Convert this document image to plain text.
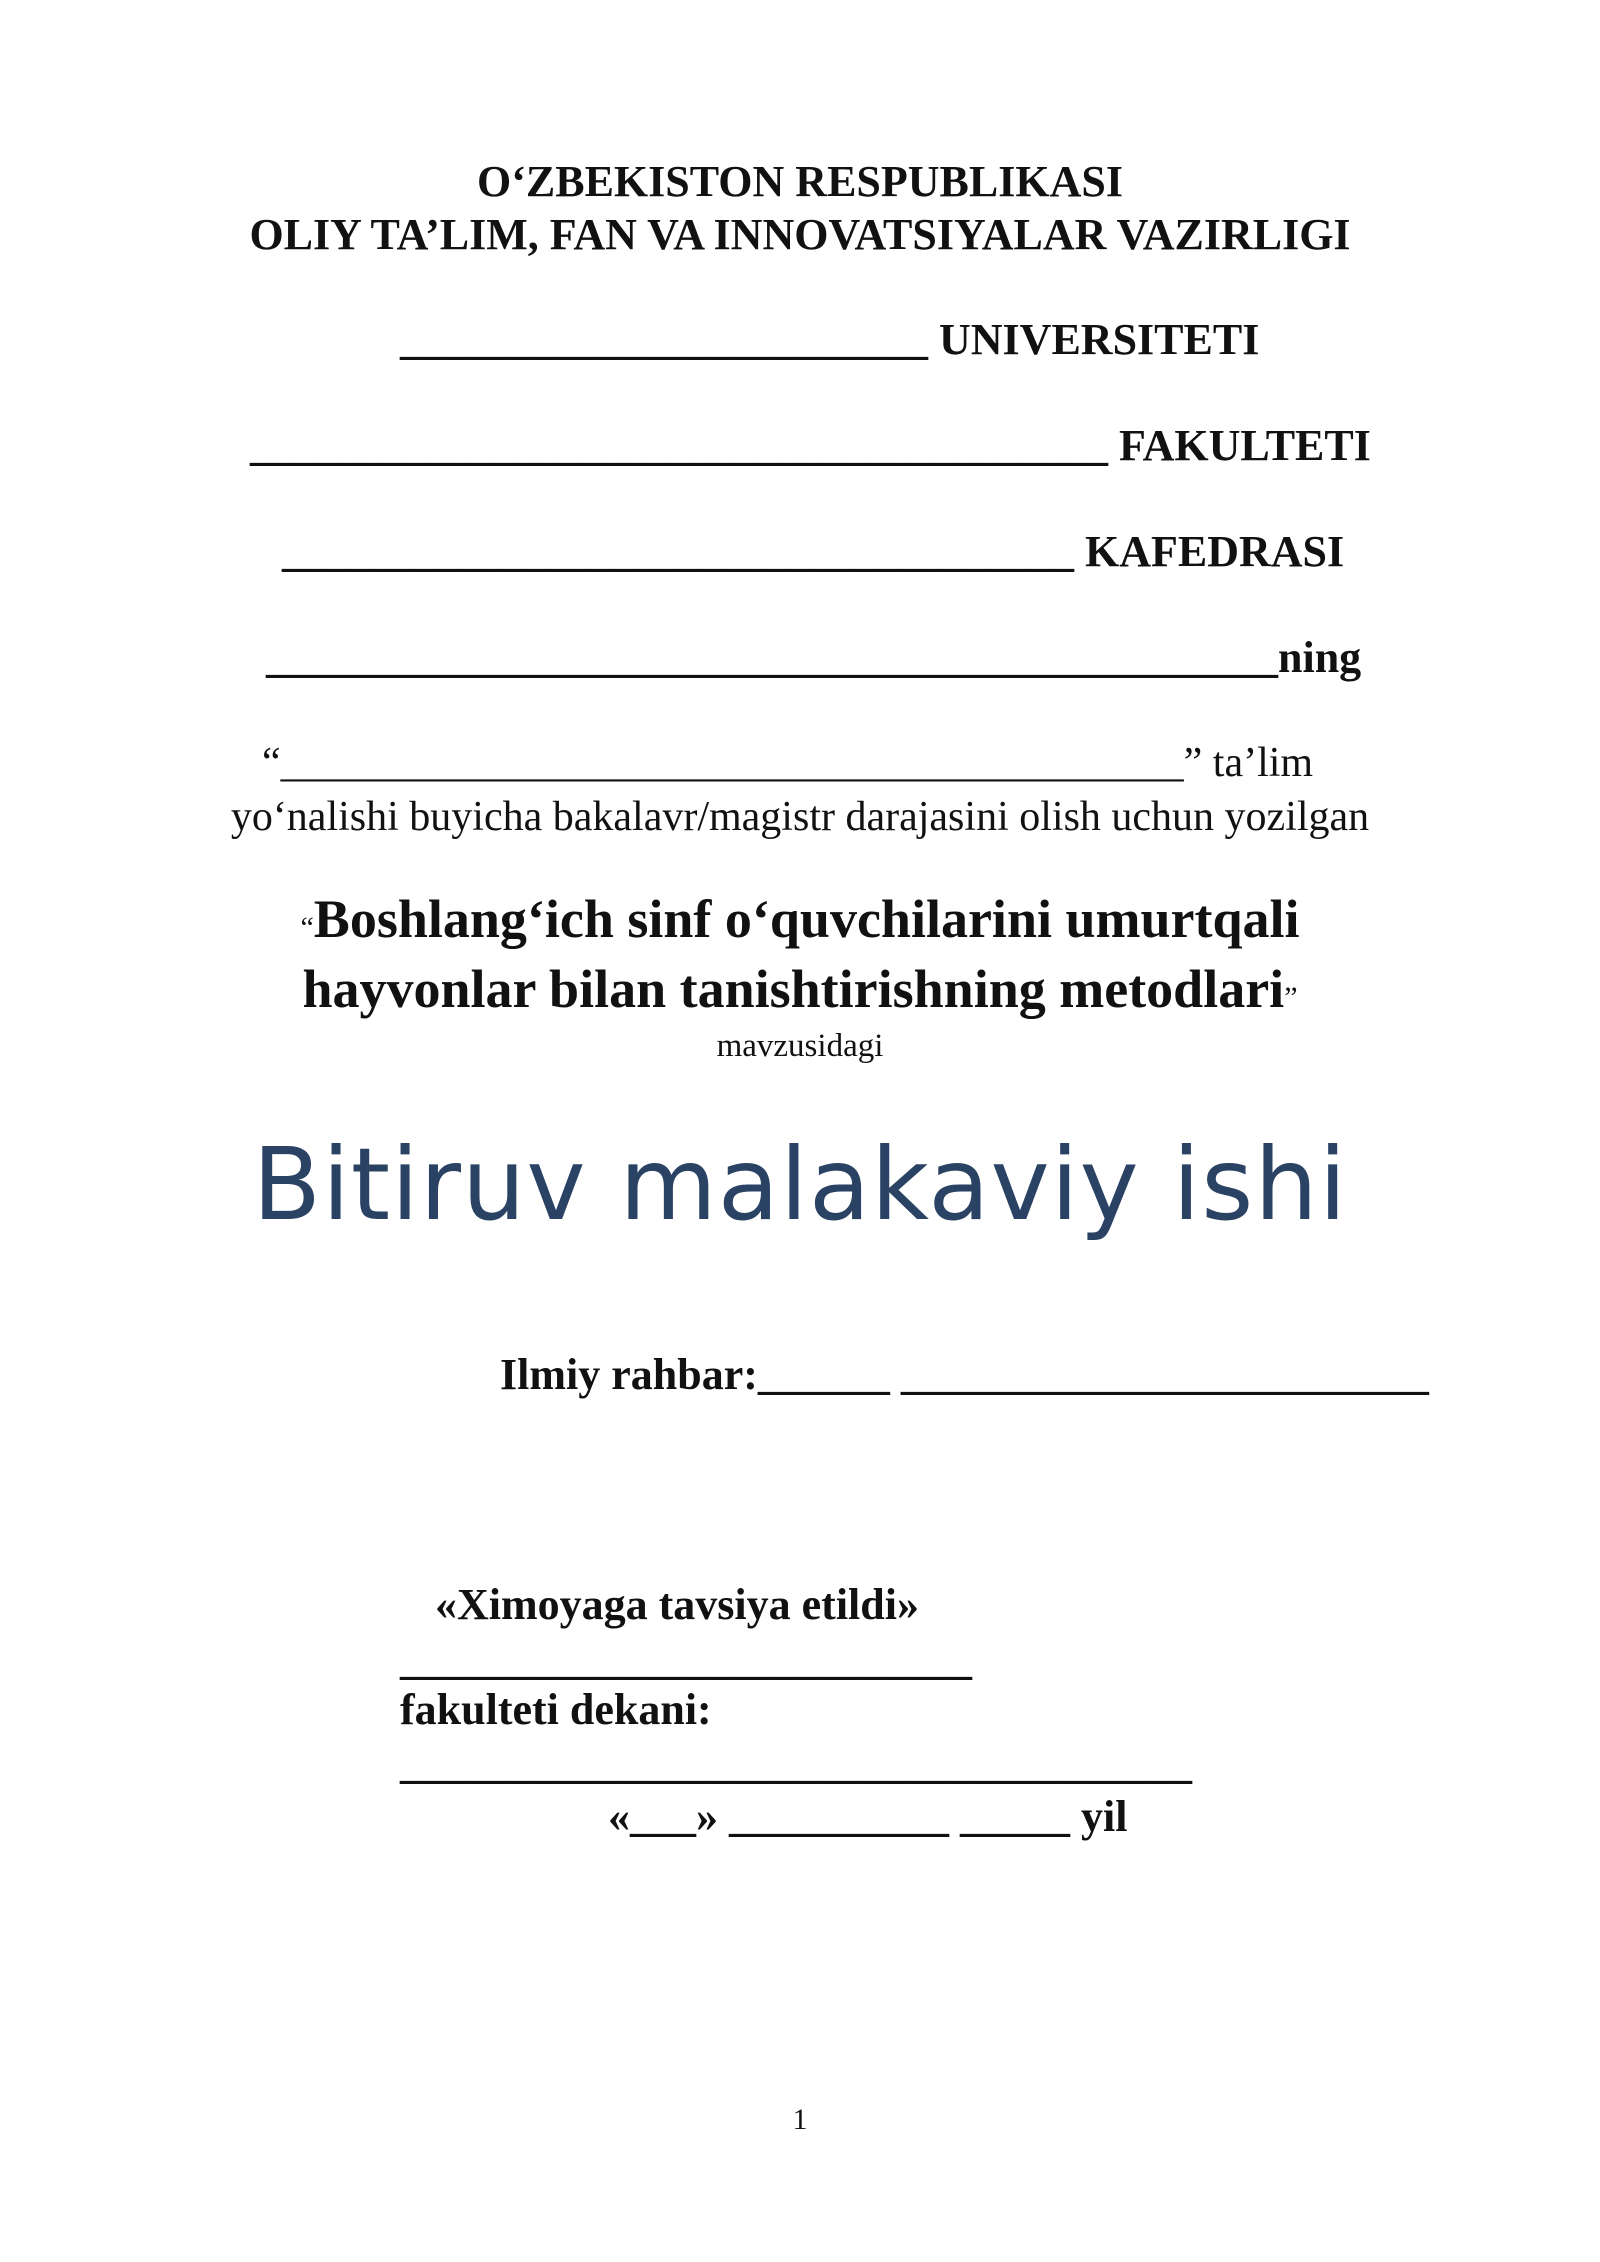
O‘ZBEKISTON RESPUBLIKASI
OLIY TA’LIM, FAN VA INNOVATSIYALAR VAZIRLIGI
________________________ UNIVERSITETI
_______________________________________ FAKULTETI
____________________________________ KAFEDRASI
______________________________________________ning
“___________________________________________” ta’lim
yo‘nalishi buyicha bakalavr/magistr darajasini olish uchun yozilgan
“Boshlang‘ich sinf o‘quvchilarini umurtqali
hayvonlar bilan tanishtirishning metodlari”
mavzusidagi
Bitiruv malakaviy ishi
Ilmiy rahbar:______ ________________________
«Ximoyaga tavsiya etildi»
__________________________
fakulteti dekani:
____________________________________
«___» __________ _____ yil
1
